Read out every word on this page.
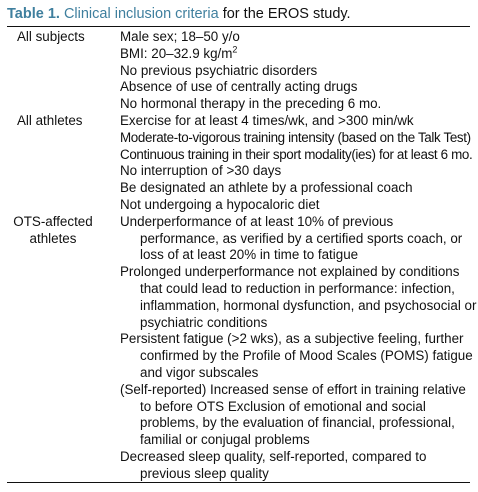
Table 1. Clinical inclusion criteria for the EROS study.
All subjects
All athletes
OTS-affected
athletes
Male sex; 18–50 y/o
BMI: 20–32.9 $kg/m^2$
No previous psychiatric disorders
Absence of use of centrally acting drugs
No hormonal therapy in the preceding 6 mo.
Exercise for at least 4 times/wk, and >300 min/wk
Moderate-to-vigorous training intensity (based on the Talk Test)
Continuous training in their sport modality(ies) for at least 6 mo.
No interruption of >30 days
Be designated an athlete by a professional coach
Not undergoing a hypocaloric diet
Underperformance of at least 10% of previous
performance, as verified by a certified sports coach, or
loss of at least 20% in time to fatigue
Prolonged underperformance not explained by conditions
that could lead to reduction in performance: infection,
inflammation, hormonal dysfunction, and psychosocial or
psychiatric conditions
Persistent fatigue (>2 wks), as a subjective feeling, further
confirmed by the Profile of Mood Scales (POMS) fatigue
and vigor subscales
(Self-reported) Increased sense of effort in training relative
to before OTS Exclusion of emotional and social
problems, by the evaluation of financial, professional,
familial or conjugal problems
Decreased sleep quality, self-reported, compared to
previous sleep quality
